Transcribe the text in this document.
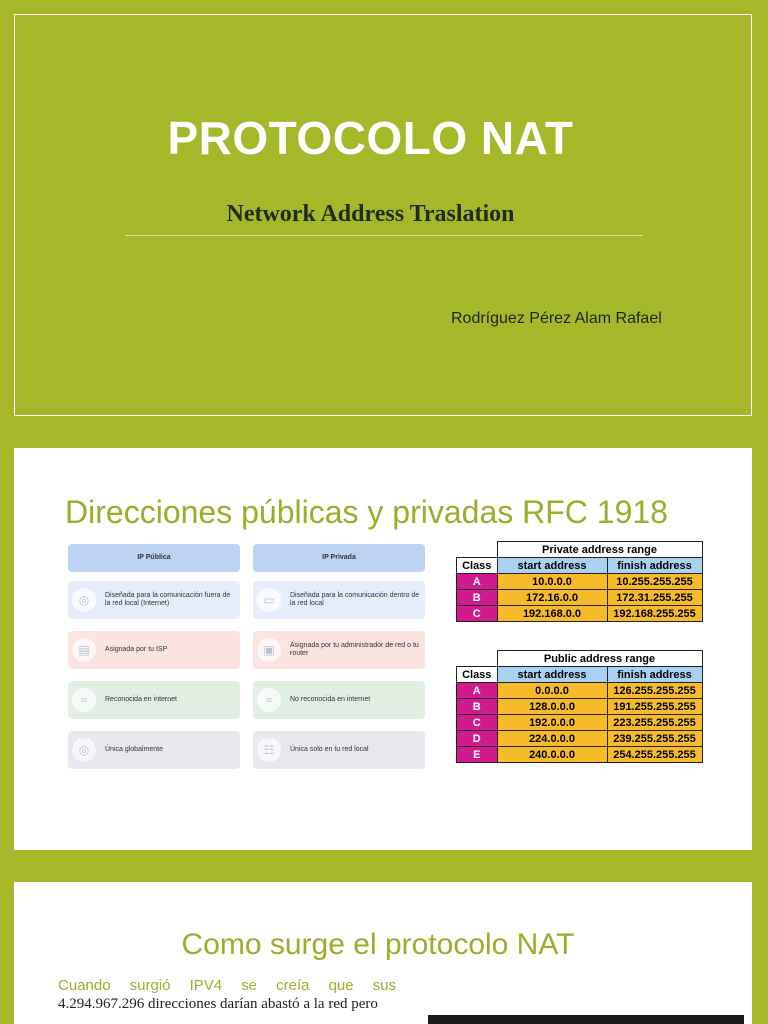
PROTOCOLO NAT
Network Address Traslation
Rodríguez Pérez Alam Rafael
Direcciones públicas y privadas RFC 1918
IP Pública
◎	Diseñada para la comunicación fuera de la red local (Internet)
▤	Asignada por tu ISP
≈	Reconocida en internet
◎	Única globalmente
IP Privada
▭	Diseñada para la comunicación dentro de la red local
▣	Asignada por tu administrador de red o tu router
≈	No reconocida en internet
☷	Única solo en tu red local
	Private address range	
Class	start address	finish address
A	10.0.0.0	10.255.255.255
B	172.16.0.0	172.31.255.255
C	192.168.0.0	192.168.255.255
	Public address range	
Class	start address	finish address
A	0.0.0.0	126.255.255.255
B	128.0.0.0	191.255.255.255
C	192.0.0.0	223.255.255.255
D	224.0.0.0	239.255.255.255
E	240.0.0.0	254.255.255.255
Como surge el protocolo NAT
Cuando surgió IPV4 se creía que sus 4.294.967.296 direcciones darían abastó a la red pero
